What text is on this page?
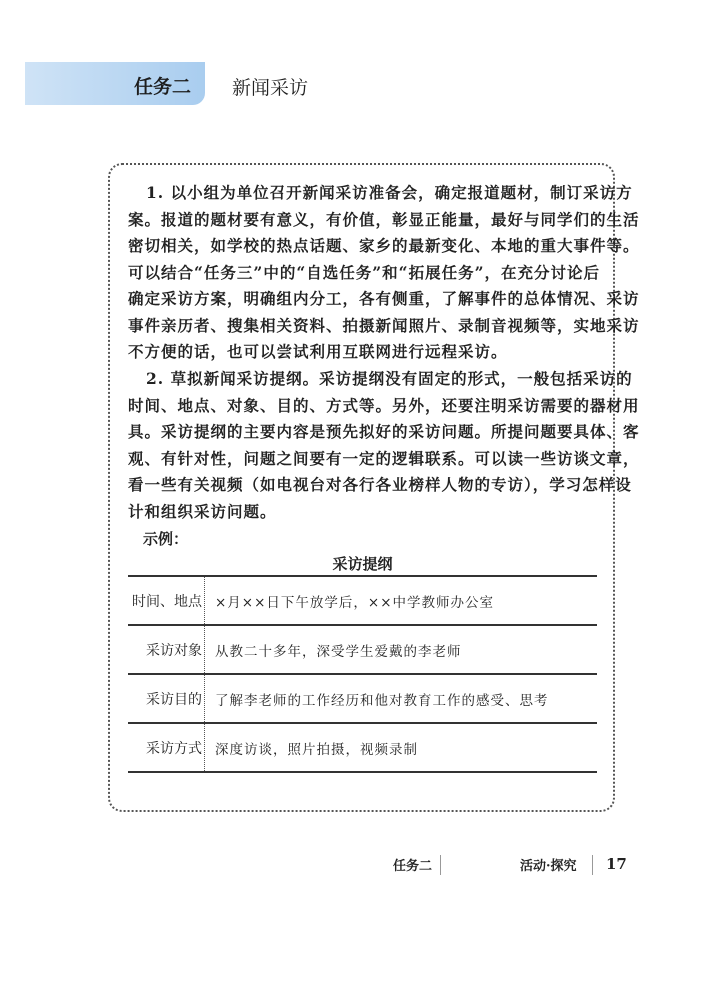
任务二 新闻采访
1. 以小组为单位召开新闻采访准备会，确定报道题材，制订采访方
案。报道的题材要有意义，有价值，彰显正能量，最好与同学们的生活
密切相关，如学校的热点话题、家乡的最新变化、本地的重大事件等。
可以结合“任务三”中的“自选任务”和“拓展任务”，在充分讨论后
确定采访方案，明确组内分工，各有侧重，了解事件的总体情况、采访
事件亲历者、搜集相关资料、拍摄新闻照片、录制音视频等，实地采访
不方便的话，也可以尝试利用互联网进行远程采访。
2. 草拟新闻采访提纲。采访提纲没有固定的形式，一般包括采访的
时间、地点、对象、目的、方式等。另外，还要注明采访需要的器材用
具。采访提纲的主要内容是预先拟好的采访问题。所提问题要具体、客
观、有针对性，问题之间要有一定的逻辑联系。可以读一些访谈文章，
看一些有关视频（如电视台对各行各业榜样人物的专访），学习怎样设
计和组织采访问题。
示例：
采访提纲
时间、地点 ×月××日下午放学后，××中学教师办公室
采访对象 从教二十多年，深受学生爱戴的李老师
采访目的 了解李老师的工作经历和他对教育工作的感受、思考
采访方式 深度访谈，照片拍摄，视频录制
任务二	活动·探究 17
